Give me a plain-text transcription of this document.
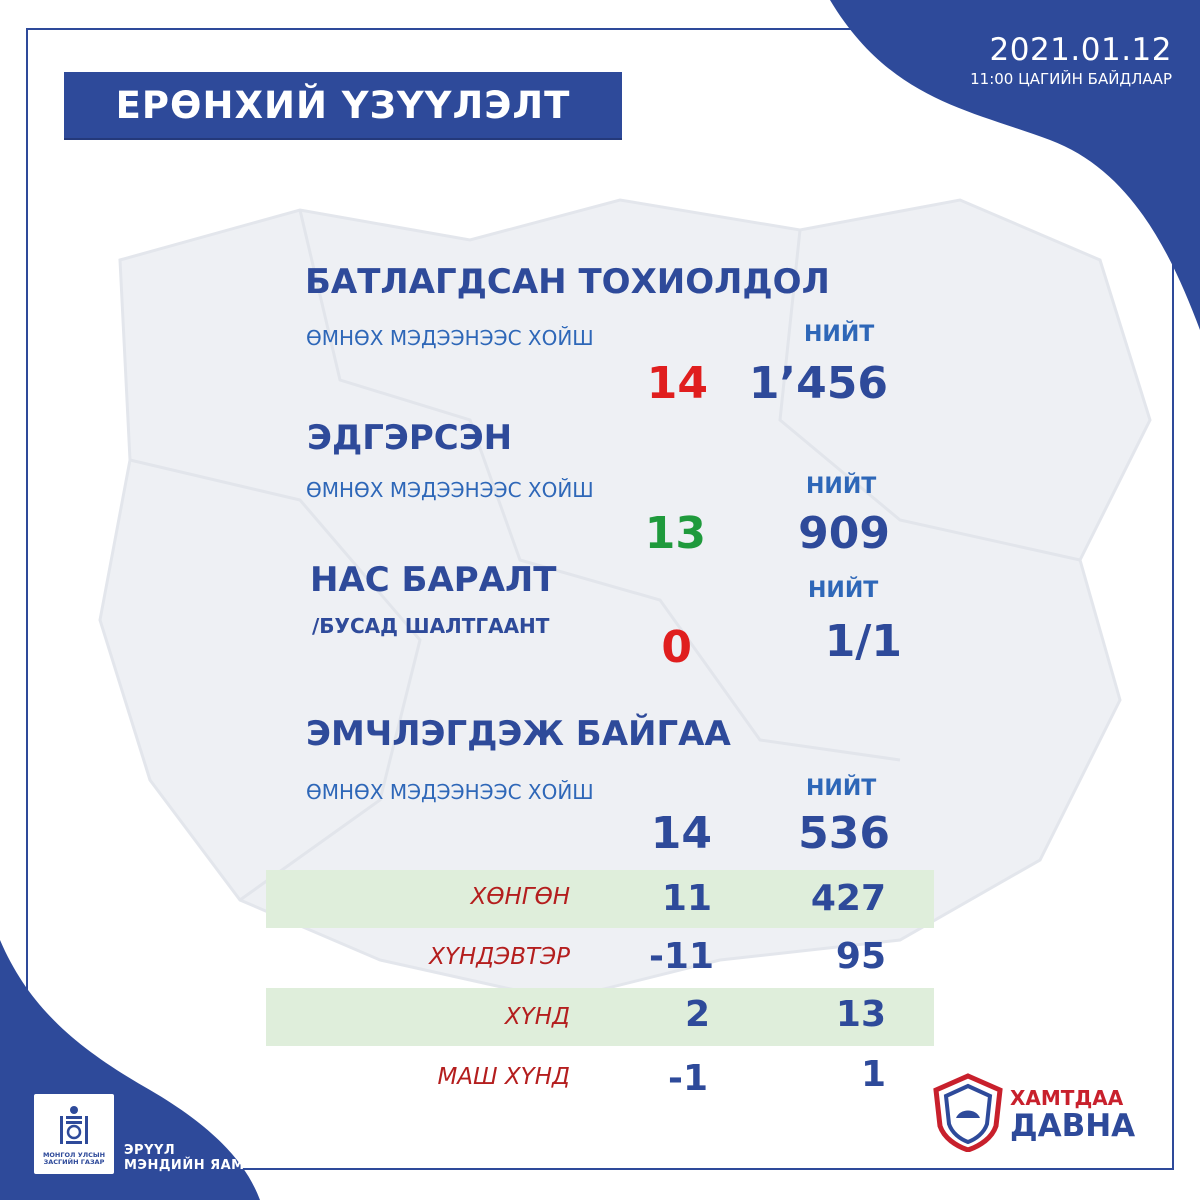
ЕРӨНХИЙ ҮЗҮҮЛЭЛТ
2021.01.12
11:00 ЦАГИЙН БАЙДЛААР
БАТЛАГДСАН ТОХИОЛДОЛ
ӨМНӨХ МЭДЭЭНЭЭС ХОЙШ	НИЙТ
14 1’456
ЭДГЭРСЭН
ӨМНӨХ МЭДЭЭНЭЭС ХОЙШ	НИЙТ
13 909
НАС БАРАЛТ	НИЙТ
/БУСАД ШАЛТГААНТ	0	1/1
ЭМЧЛЭГДЭЖ БАЙГАА
ӨМНӨХ МЭДЭЭНЭЭС ХОЙШ	НИЙТ
14 536
ХӨНГӨН	11	427
ХҮНДЭВТЭР -11	95
ХҮНД	2	13
МАШ ХҮНД	-1	1
МОНГОЛ УЛСЫН ЗАСГИЙН ГАЗАР
ЭРҮҮЛ
МЭНДИЙН ЯАМ
ХАМТДАА
ДАВНА
